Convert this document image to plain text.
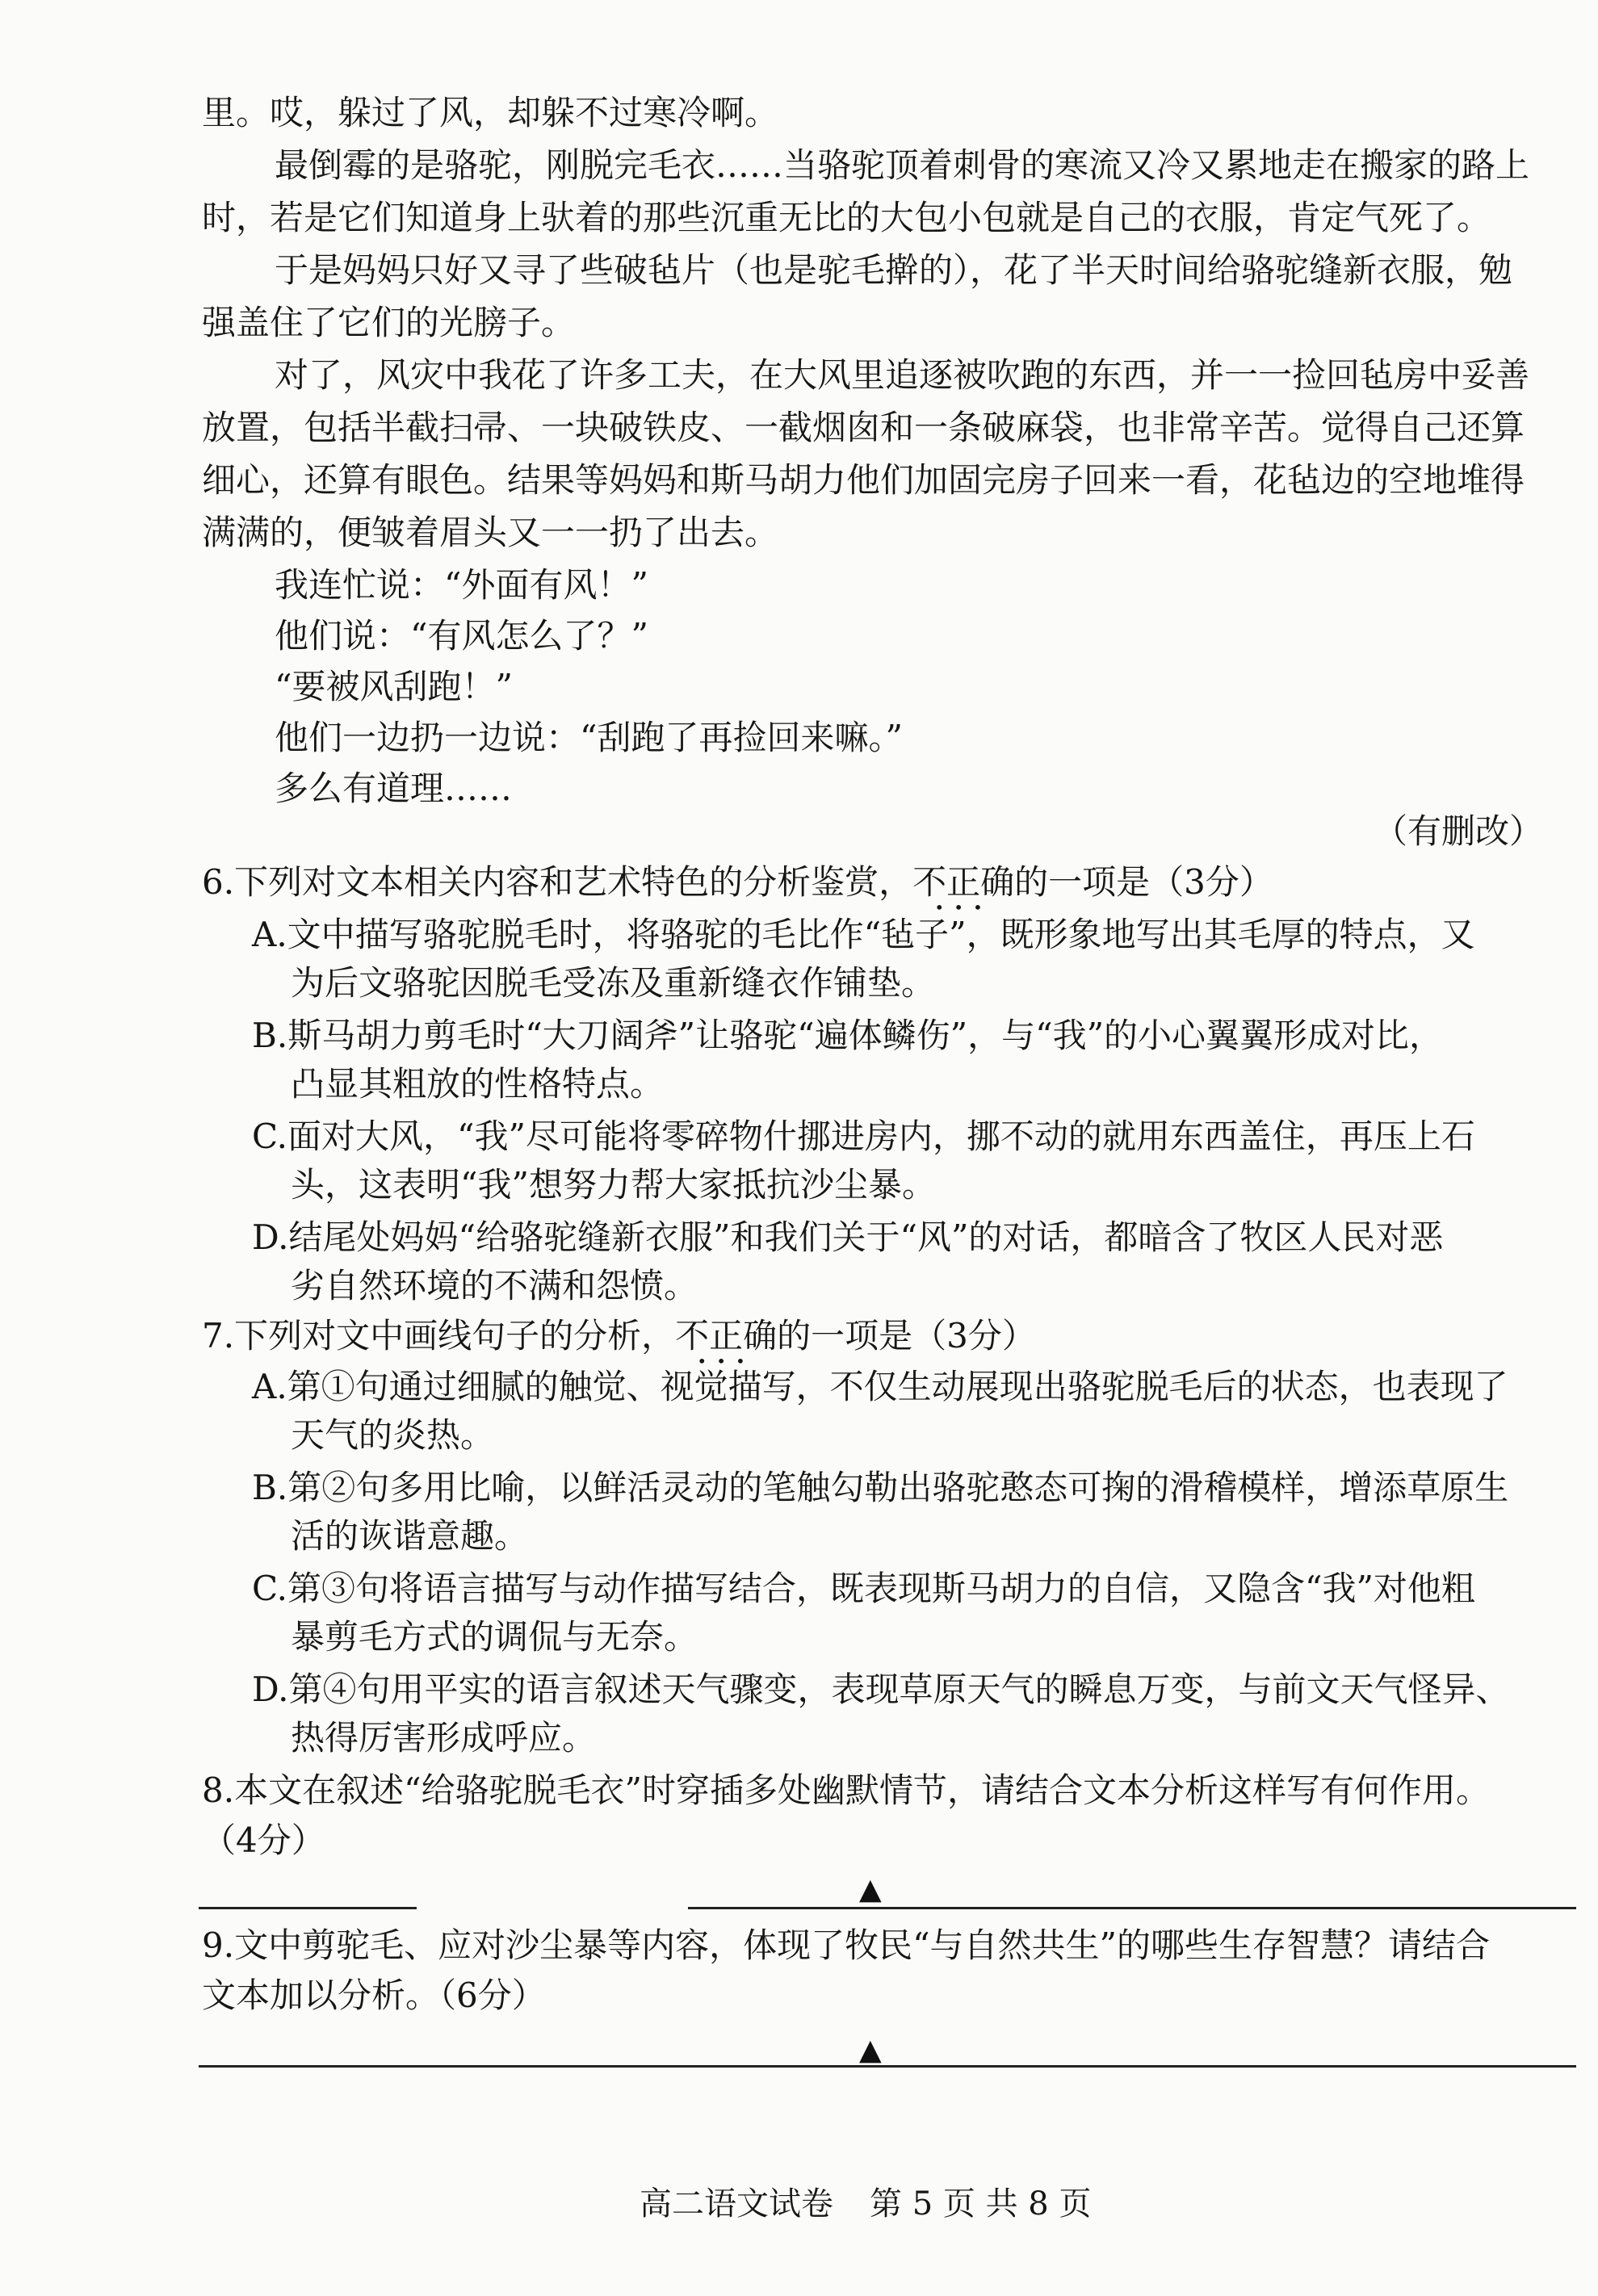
里。哎，躲过了风，却躲不过寒冷啊。
最倒霉的是骆驼，刚脱完毛衣……当骆驼顶着刺骨的寒流又冷又累地走在搬家的路上
时，若是它们知道身上驮着的那些沉重无比的大包小包就是自己的衣服，肯定气死了。
于是妈妈只好又寻了些破毡片（也是驼毛擀的），花了半天时间给骆驼缝新衣服，勉
强盖住了它们的光膀子。
对了，风灾中我花了许多工夫，在大风里追逐被吹跑的东西，并一一捡回毡房中妥善
放置，包括半截扫帚、一块破铁皮、一截烟囱和一条破麻袋，也非常辛苦。觉得自己还算
细心，还算有眼色。结果等妈妈和斯马胡力他们加固完房子回来一看，花毡边的空地堆得
满满的，便皱着眉头又一一扔了出去。
我连忙说：“外面有风！”
他们说：“有风怎么了？”
“要被风刮跑！”
他们一边扔一边说：“刮跑了再捡回来嘛。”
多么有道理……
（有删改）
6.下列对文本相关内容和艺术特色的分析鉴赏，不正确
•••
的一项是（3分）
A.文中描写骆驼脱毛时，将骆驼的毛比作“毡子”，既形象地写出其毛厚的特点，又
为后文骆驼因脱毛受冻及重新缝衣作铺垫。
B.斯马胡力剪毛时“大刀阔斧”让骆驼“遍体鳞伤”，与“我”的小心翼翼形成对比，
凸显其粗放的性格特点。
C.面对大风，“我”尽可能将零碎物什挪进房内，挪不动的就用东西盖住，再压上石
头，这表明“我”想努力帮大家抵抗沙尘暴。
D.结尾处妈妈“给骆驼缝新衣服”和我们关于“风”的对话，都暗含了牧区人民对恶
劣自然环境的不满和怨愤。
7.下列对文中画线句子的分析，不正确
•••
的一项是（3分）
A.第①句通过细腻的触觉、视觉描写，不仅生动展现出骆驼脱毛后的状态，也表现了
天气的炎热。
B.第②句多用比喻，以鲜活灵动的笔触勾勒出骆驼憨态可掬的滑稽模样，增添草原生
活的诙谐意趣。
C.第③句将语言描写与动作描写结合，既表现斯马胡力的自信，又隐含“我”对他粗
暴剪毛方式的调侃与无奈。
D.第④句用平实的语言叙述天气骤变，表现草原天气的瞬息万变，与前文天气怪异、
热得厉害形成呼应。
8.本文在叙述“给骆驼脱毛衣”时穿插多处幽默情节，请结合文本分析这样写有何作用。
（4分）
▲
9.文中剪驼毛、应对沙尘暴等内容，体现了牧民“与自然共生”的哪些生存智慧？请结合
文本加以分析。（6分）
▲
高二语文试卷 第 5 页 共 8 页
